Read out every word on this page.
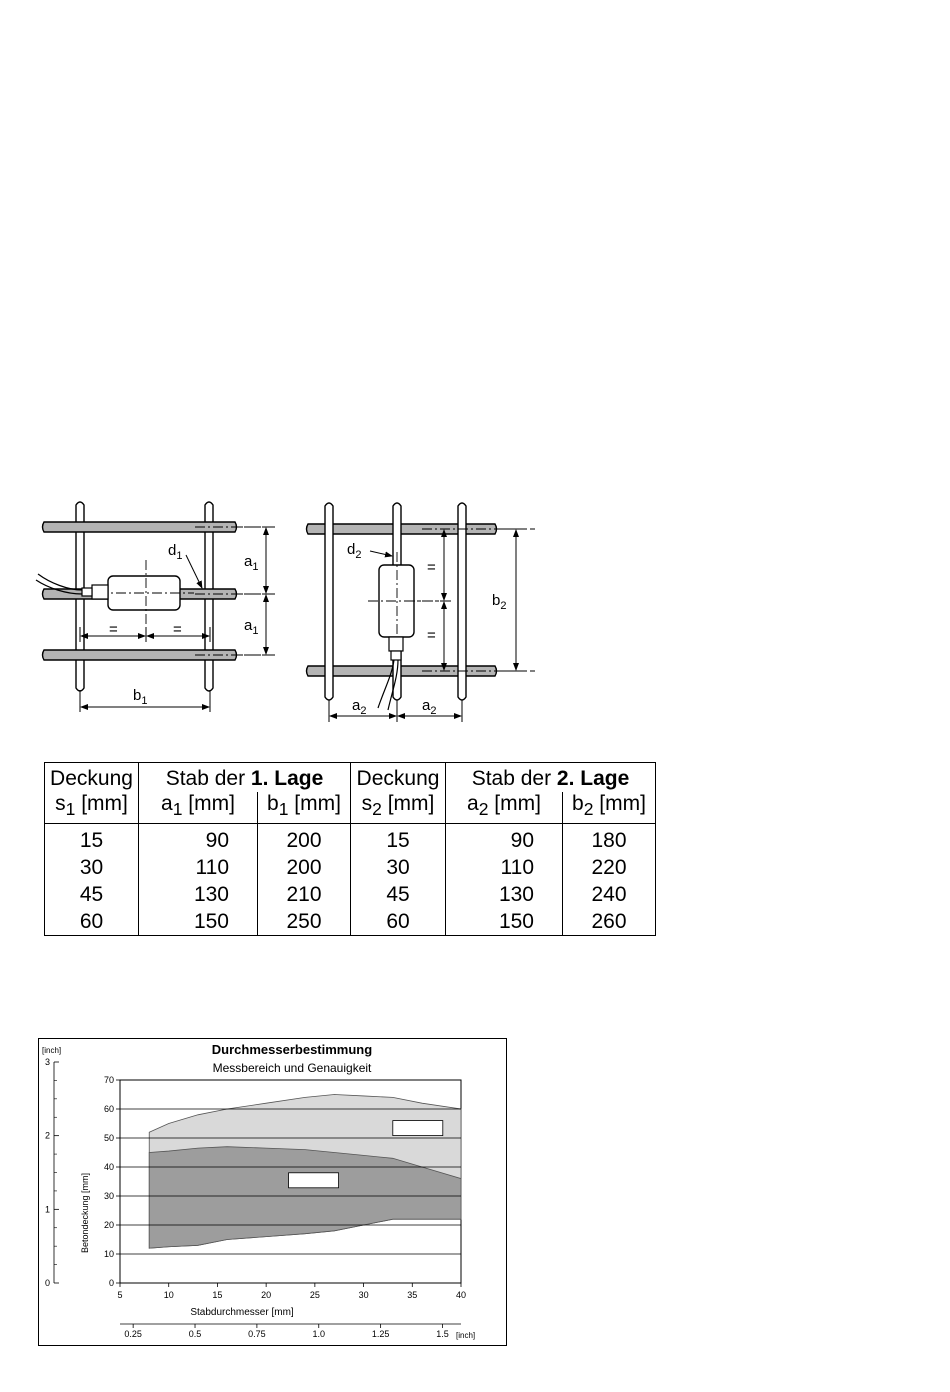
$d_1$	$a_1$
$a_1$
=	=
$b_1$
$d_2$
=
=
$b_2$
$a_2$	$a_2$
Deckung	Stab der 1. Lage		Deckung	Stab der 2. Lage	
$s_1$ [mm]	$a_1$ [mm]	$b_1$ [mm]	$s_2$ [mm]	$a_2$ [mm]	$b_2$ [mm]
15	90	200	15	90	180
30	110	200	30	110	220
45	130	210	45	130	240
60	150	250	60	150	260
Durchmesserbestimmung
Messbereich und Genauigkeit
[inch]
0
10
20
30
40
50
60
70
5	10	15	20	25	30	35	40
0
1
2
3
0.25	0.5	0.75	1.0	1.25	1.5
Stabdurchmesser [mm]
Betondeckung [mm]
[inch]
